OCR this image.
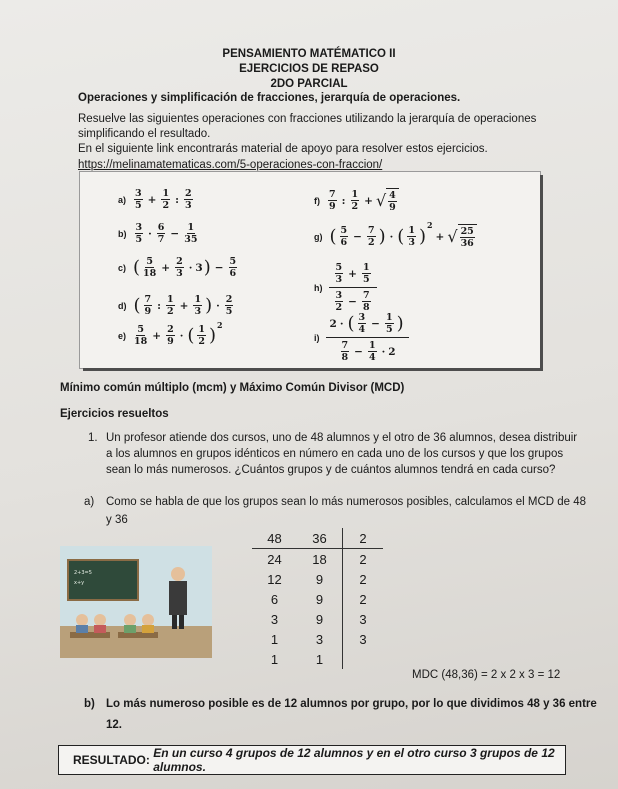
PENSAMIENTO MATÉMATICO II
EJERCICIOS DE REPASO
2DO PARCIAL
Operaciones y simplificación de fracciones, jerarquía de operaciones.
Resuelve las siguientes operaciones con fracciones utilizando la jerarquía de operaciones
simplificando el resultado.
En el siguiente link encontrarás material de apoyo para resolver estos ejercicios.
https://melinamatematicas.com/5-operaciones-con-fraccion/
a)
3
$5 + \frac{1}{2}$ : 2
3
b)
3
5 · 6
$7 - \frac{1}{35}$
c) ( 5
$18 + \frac{2}{3} \cdot 3$ ) − $\frac{5}{6}$
d) ( 7
9 : 1
$2 + \frac{1}{3}$ ) · 2
5
e)
5
$18 + \frac{2}{9}$ · ( 1
2 ) 2
f)
7
9 : 1
2 + √ $\frac{4}{9}$
g) ( 5
$6 - \frac{7}{2}$ ) · ( 1
3 )
2
+ √ $\frac{25}{36}$
h)
5
$3 + \frac{1}{5}$
3
$2 - \frac{7}{8}$
i)
2 · ( 3
$4 - \frac{1}{5}$ )
7
$8 - \frac{1}{4} \cdot 2$
Mínimo común múltiplo (mcm) y Máximo Común Divisor (MCD)
Ejercicios resueltos
1. Un profesor atiende dos cursos, uno de 48 alumnos y el otro de 36 alumnos, desea distribuir
a los alumnos en grupos idénticos en número en cada uno de los cursos y que los grupos
sean lo más numerosos. ¿Cuántos grupos y de cuántos alumnos tendrá en cada curso?
a) Como se habla de que los grupos sean lo más numerosos posibles, calculamos el MCD de 48
y 36
2+3=5
x+y
48	36	2
24	18	2
12	9	2
6	9	2
3	9	3
1	3	3
1	1	
MDC (48,36) = 2 x 2 x 3 = 12
b) Lo más numeroso posible es de 12 alumnos por grupo, por lo que dividimos 48 y 36 entre
12.
RESULTADO:
En un curso 4 grupos de 12 alumnos y en el otro curso 3 grupos de 12 alumnos.
